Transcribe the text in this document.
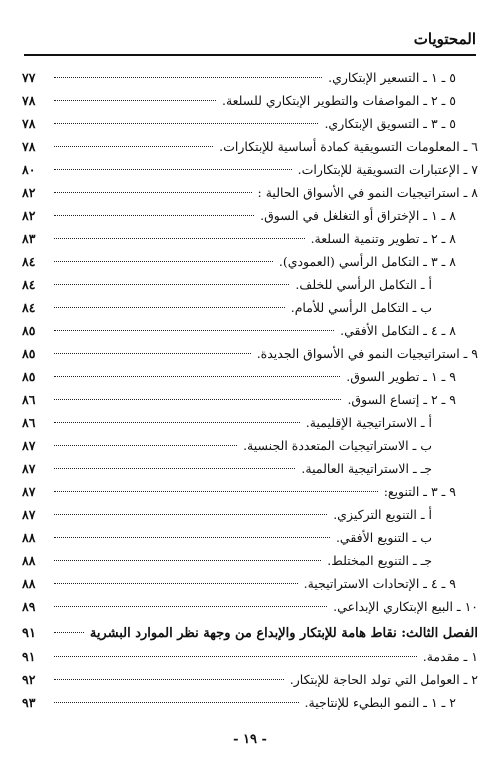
المحتويات
٥ ـ ١ ـ التسعير الإبتكاري.
٧٧
٥ ـ ٢ ـ المواصفات والتطوير الإبتكاري للسلعة.
٧٨
٥ ـ ٣ ـ التسويق الإبتكاري.
٧٨
٦ ـ المعلومات التسويقية كمادة أساسية للإبتكارات.
٧٨
٧ ـ الإعتبارات التسويقية للإبتكارات.
٨٠
٨ ـ استراتيجيات النمو في الأسواق الحالية :
٨٢
٨ ـ ١ ـ الإختراق أو التغلغل في السوق.
٨٢
٨ ـ ٢ ـ تطوير وتنمية السلعة.
٨٣
٨ ـ ٣ ـ التكامل الرأسي (العمودي).
٨٤
أ ـ التكامل الرأسي للخلف.
٨٤
ب ـ التكامل الرأسي للأمام.
٨٤
٨ ـ ٤ ـ التكامل الأفقي.
٨٥
٩ ـ استراتيجيات النمو في الأسواق الجديدة.
٨٥
٩ ـ ١ ـ تطوير السوق.
٨٥
٩ ـ ٢ ـ إتساع السوق.
٨٦
أ ـ الاستراتيجية الإقليمية.
٨٦
ب ـ الاستراتيجيات المتعددة الجنسية.
٨٧
جـ ـ الاستراتيجية العالمية.
٨٧
٩ ـ ٣ ـ التنويع:
٨٧
أ ـ التنويع التركيزي.
٨٧
ب ـ التنويع الأفقي.
٨٨
جـ ـ التنويع المختلط.
٨٨
٩ ـ ٤ ـ الإتحادات الاستراتيجية.
٨٨
١٠ ـ البيع الإبتكاري الإبداعي.
٨٩
الفصل الثالث: نقاط هامة للإبتكار والإبداع من وجهة نظر الموارد البشرية
٩١
١ ـ مقدمة.
٩١
٢ ـ العوامل التي تولد الحاجة للإبتكار.
٩٢
٢ ـ ١ ـ النمو البطيء للإنتاجية.
٩٣
- ١٩ -
